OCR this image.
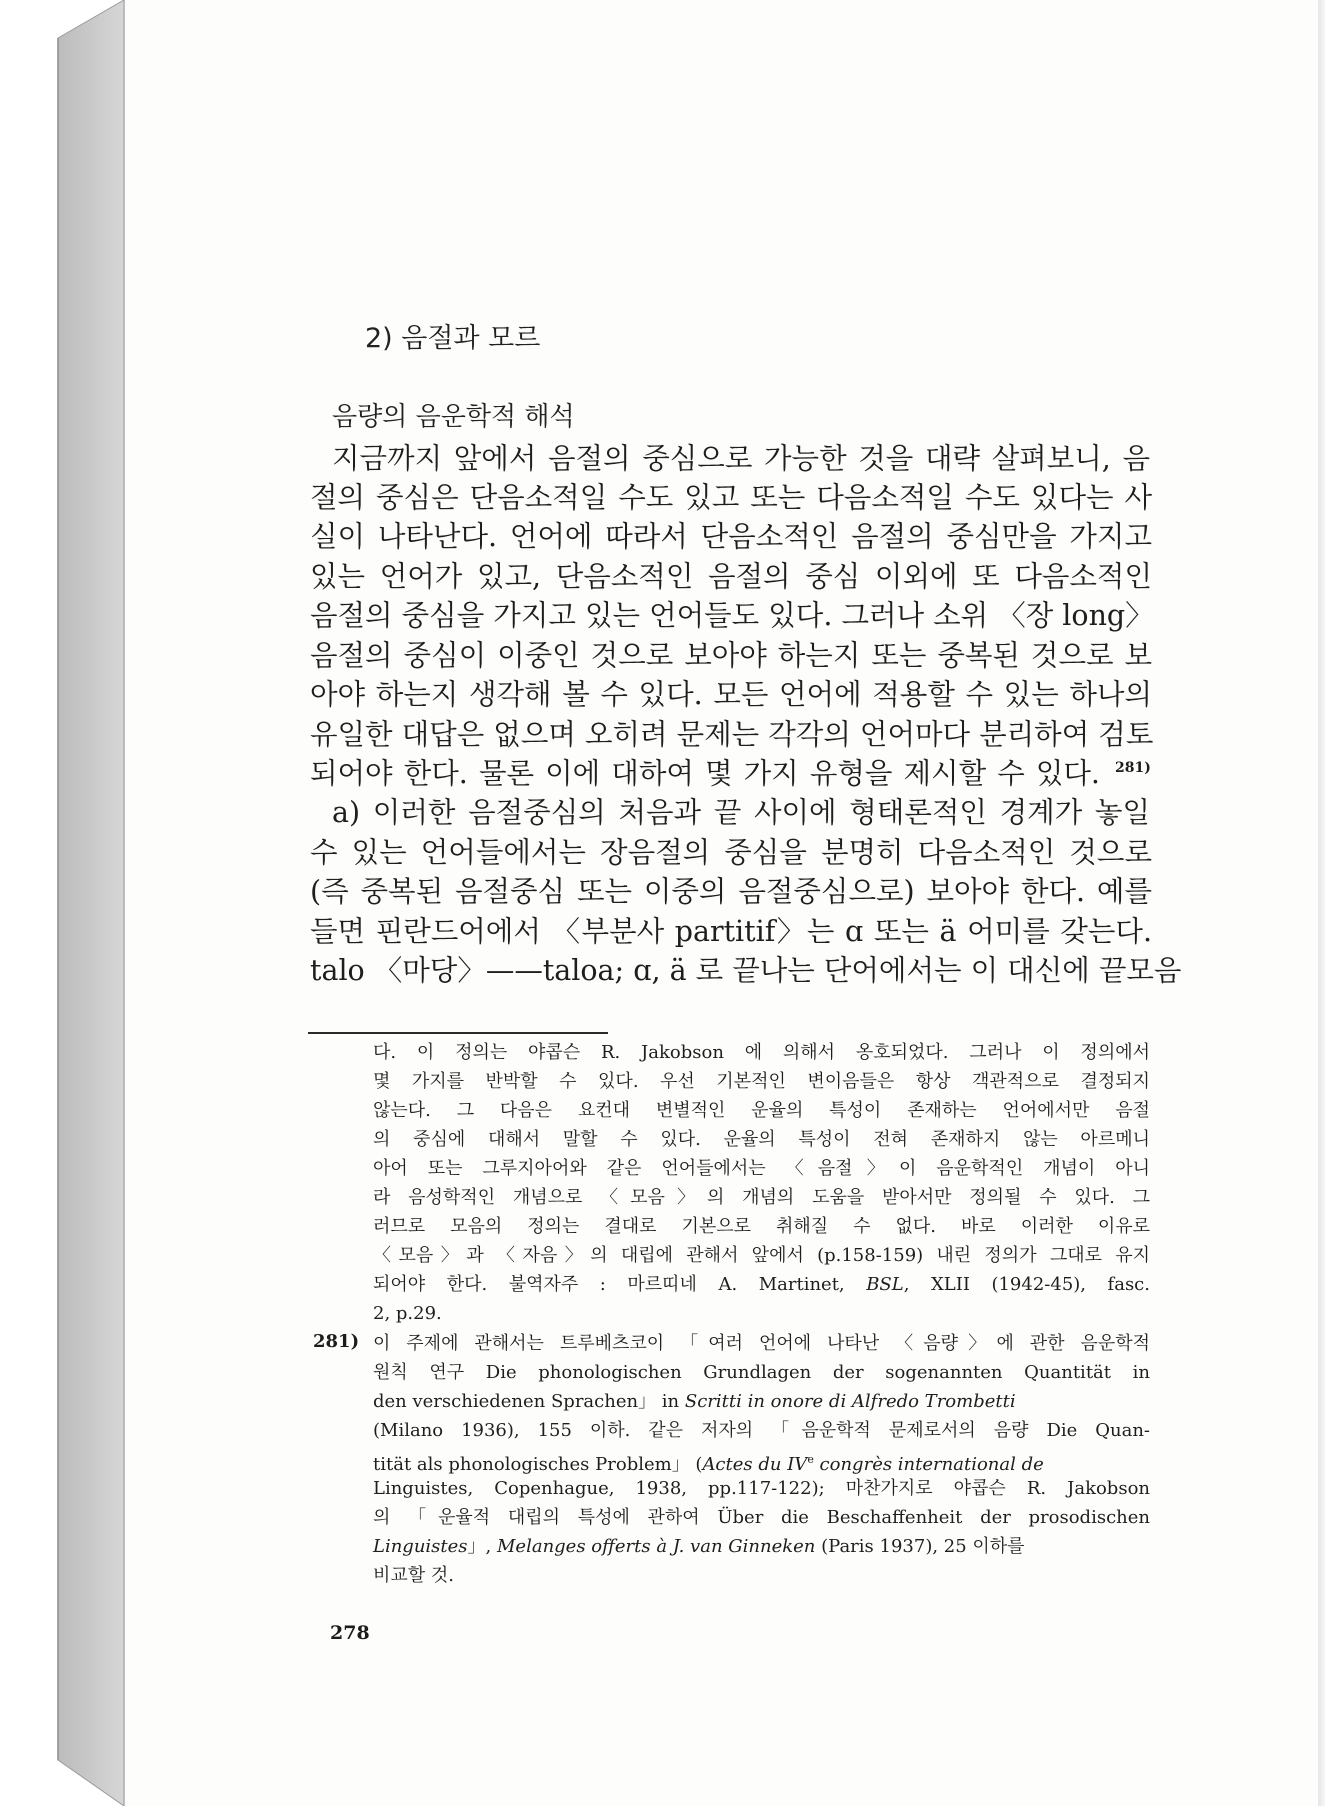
2) 음절과 모르
음량의 음운학적 해석
지금까지 앞에서 음절의 중심으로 가능한 것을 대략 살펴보니, 음
절의 중심은 단음소적일 수도 있고 또는 다음소적일 수도 있다는 사
실이 나타난다. 언어에 따라서 단음소적인 음절의 중심만을 가지고
있는 언어가 있고, 단음소적인 음절의 중심 이외에 또 다음소적인
음절의 중심을 가지고 있는 언어들도 있다. 그러나 소위 〈장 long〉
음절의 중심이 이중인 것으로 보아야 하는지 또는 중복된 것으로 보
아야 하는지 생각해 볼 수 있다. 모든 언어에 적용할 수 있는 하나의
유일한 대답은 없으며 오히려 문제는 각각의 언어마다 분리하여 검토
되어야 한다. 물론 이에 대하여 몇 가지 유형을 제시할 수 있다. 281)
a) 이러한 음절중심의 처음과 끝 사이에 형태론적인 경계가 놓일
수 있는 언어들에서는 장음절의 중심을 분명히 다음소적인 것으로
(즉 중복된 음절중심 또는 이중의 음절중심으로) 보아야 한다. 예를
들면 핀란드어에서 〈부분사 partitif〉는 ɑ 또는 ä 어미를 갖는다.
talo 〈마당〉——taloa; ɑ, ä 로 끝나는 단어에서는 이 대신에 끝모음
다. 이 정의는 야콥슨 R. Jakobson 에 의해서 옹호되었다. 그러나 이 정의에서
몇 가지를 반박할 수 있다. 우선 기본적인 변이음들은 항상 객관적으로 결정되지
않는다. 그 다음은 요컨대 변별적인 운율의 특성이 존재하는 언어에서만 음절
의 중심에 대해서 말할 수 있다. 운율의 특성이 전혀 존재하지 않는 아르메니
아어 또는 그루지아어와 같은 언어들에서는 〈음절〉이 음운학적인 개념이 아니
라 음성학적인 개념으로 〈모음〉의 개념의 도움을 받아서만 정의될 수 있다. 그
러므로 모음의 정의는 결대로 기본으로 취해질 수 없다. 바로 이러한 이유로
〈모음〉과 〈자음〉의 대립에 관해서 앞에서 (p.158-159) 내린 정의가 그대로 유지
되어야 한다. 불역자주 : 마르띠네 A. Martinet, BSL, XLII (1942-45), fasc.
2, p.29.
281 )	이 주제에 관해서는 트루베츠코이 「여러 언어에 나타난 〈음량〉에 관한 음운학적
원칙 연구 Die phonologischen Grundlagen der sogenannten Quantität in
den verschiedenen Sprachen」 in Scritti in onore di Alfredo Trombetti
(Milano 1936), 155 이하. 같은 저자의 「음운학적 문제로서의 음량 Die Quan-
tität als phonologisches Problem」 (Actes du IVe congrès international de
Linguistes, Copenhague, 1938, pp.117-122); 마찬가지로 야콥슨 R. Jakobson
의 「운율적 대립의 특성에 관하여 Über die Beschaffenheit der prosodischen
Linguistes」, Melanges offerts à J. van Ginneken (Paris 1937), 25 이하를
비교할 것.
278
